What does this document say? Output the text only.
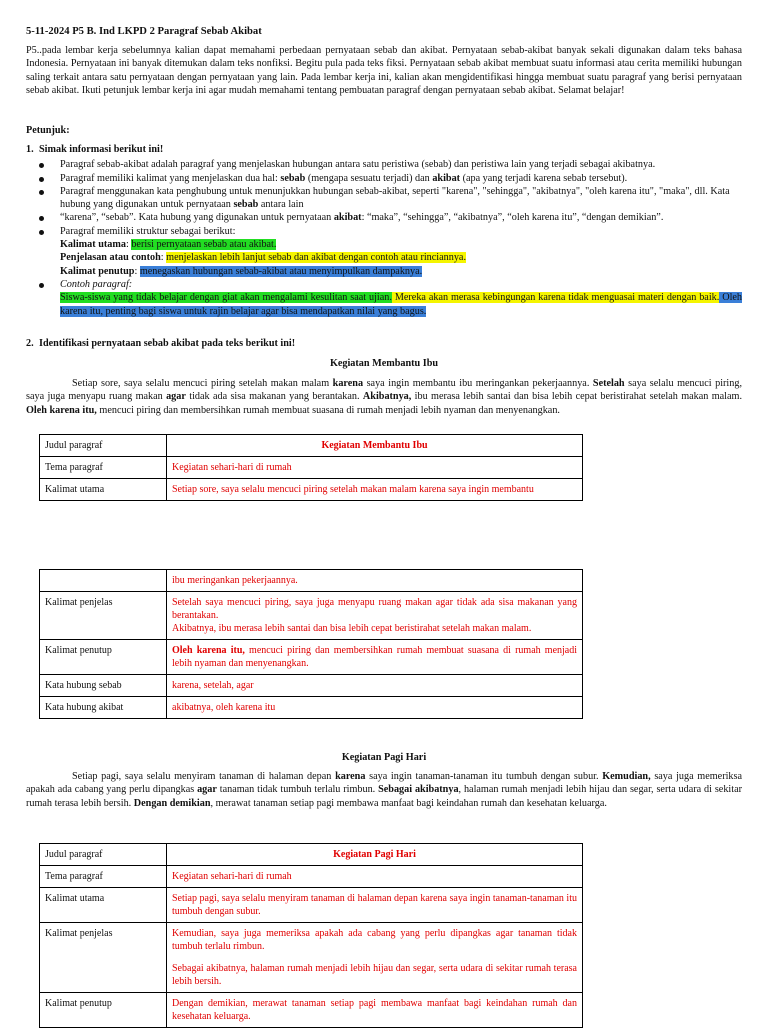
5-11-2024 P5 B. Ind LKPD 2 Paragraf Sebab Akibat

P5..pada lembar kerja sebelumnya kalian dapat memahami perbedaan pernyataan sebab dan akibat. Pernyataan sebab-akibat banyak sekali digunakan dalam teks bahasa Indonesia. Pernyataan ini banyak ditemukan dalam teks nonfiksi. Begitu pula pada teks fiksi. Pernyataan sebab akibat membuat suatu informasi atau cerita memiliki hubungan saling terkait antara satu pernyataan dengan pernyataan yang lain. Pada lembar kerja ini, kalian akan mengidentifikasi hingga membuat suatu paragraf yang berisi pernyataan sebab akibat. Ikuti petunjuk lembar kerja ini agar mudah memahami tentang pembuatan paragraf dengan pernyataan sebab akibat. Selamat belajar!

Petunjuk:
1. Simak informasi berikut ini!
Paragraf sebab-akibat adalah paragraf yang menjelaskan hubungan antara satu peristiwa (sebab) dan peristiwa lain yang terjadi sebagai akibatnya.
Paragraf memiliki kalimat yang menjelaskan dua hal: sebab (mengapa sesuatu terjadi) dan akibat (apa yang terjadi karena sebab tersebut).
Paragraf menggunakan kata penghubung untuk menunjukkan hubungan sebab-akibat, seperti "karena", "sehingga", "akibatnya", "oleh karena itu", "maka", dll. Kata hubung yang digunakan untuk pernyataan sebab antara lain
“karena”, “sebab”. Kata hubung yang digunakan untuk pernyataan akibat: “maka”, “sehingga”, “akibatnya”, “oleh karena itu”, “dengan demikian”.
Paragraf memiliki struktur sebagai berikut:
Kalimat utama: berisi pernyataan sebab atau akibat.
Penjelasan atau contoh: menjelaskan lebih lanjut sebab dan akibat dengan contoh atau rinciannya.
Kalimat penutup: menegaskan hubungan sebab-akibat atau menyimpulkan dampaknya.
Contoh paragraf:

Siswa-siswa yang tidak belajar dengan giat akan mengalami kesulitan saat ujian. Mereka akan merasa kebingungan karena tidak menguasai materi dengan baik. Oleh karena itu, penting bagi siswa untuk rajin belajar agar bisa mendapatkan nilai yang bagus.
2. Identifikasi pernyataan sebab akibat pada teks berikut ini!
Kegiatan Membantu Ibu

Setiap sore, saya selalu mencuci piring setelah makan malam karena saya ingin membantu ibu meringankan pekerjaannya. Setelah saya selalu mencuci piring, saya juga menyapu ruang makan agar tidak ada sisa makanan yang berantakan. Akibatnya, ibu merasa lebih santai dan bisa lebih cepat beristirahat setelah makan malam. Oleh karena itu, mencuci piring dan membersihkan rumah membuat suasana di rumah menjadi lebih nyaman dan menyenangkan.

Judul paragraf	Kegiatan Membantu Ibu
Tema paragraf	Kegiatan sehari-hari di rumah
Kalimat utama	Setiap sore, saya selalu mencuci piring setelah makan malam karena saya ingin membantu
	ibu meringankan pekerjaannya.
Kalimat penjelas	Setelah saya mencuci piring, saya juga menyapu ruang makan agar tidak ada sisa makanan yang berantakan.
Akibatnya, ibu merasa lebih santai dan bisa lebih cepat beristirahat setelah makan malam.
Kalimat penutup	Oleh karena itu, mencuci piring dan membersihkan rumah membuat suasana di rumah menjadi lebih nyaman dan menyenangkan.
Kata hubung sebab	karena, setelah, agar
Kata hubung akibat	akibatnya, oleh karena itu
Kegiatan Pagi Hari

Setiap pagi, saya selalu menyiram tanaman di halaman depan karena saya ingin tanaman-tanaman itu tumbuh dengan subur. Kemudian, saya juga memeriksa apakah ada cabang yang perlu dipangkas agar tanaman tidak tumbuh terlalu rimbun. Sebagai akibatnya, halaman rumah menjadi lebih hijau dan segar, serta udara di sekitar rumah terasa lebih bersih. Dengan demikian, merawat tanaman setiap pagi membawa manfaat bagi keindahan rumah dan kesehatan keluarga.

Judul paragraf	Kegiatan Pagi Hari
Tema paragraf	Kegiatan sehari-hari di rumah
Kalimat utama	Setiap pagi, saya selalu menyiram tanaman di halaman depan karena saya ingin tanaman-tanaman itu tumbuh dengan subur.
Kalimat penjelas	Kemudian, saya juga memeriksa apakah ada cabang yang perlu dipangkas agar tanaman tidak tumbuh terlalu rimbun.
Sebagai akibatnya, halaman rumah menjadi lebih hijau dan segar, serta udara di sekitar rumah terasa lebih bersih.
Kalimat penutup	Dengan demikian, merawat tanaman setiap pagi membawa manfaat bagi keindahan rumah dan kesehatan keluarga.
